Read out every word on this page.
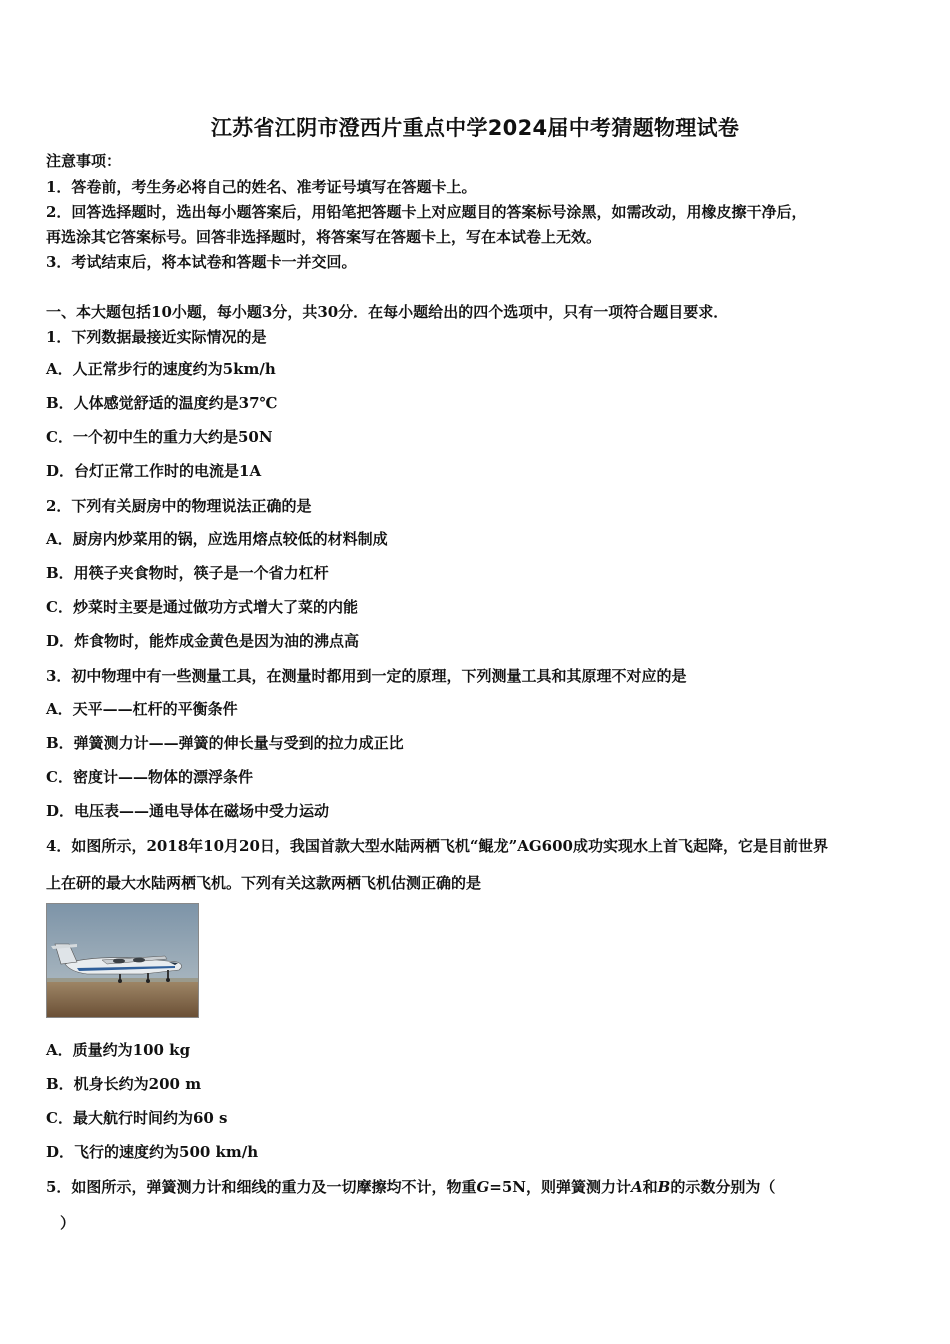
江苏省江阴市澄西片重点中学2024届中考猜题物理试卷
注意事项：
1．答卷前，考生务必将自己的姓名、准考证号填写在答题卡上。
2．回答选择题时，选出每小题答案后，用铅笔把答题卡上对应题目的答案标号涂黑，如需改动，用橡皮擦干净后，
再选涂其它答案标号。回答非选择题时，将答案写在答题卡上，写在本试卷上无效。
3．考试结束后，将本试卷和答题卡一并交回。
一、本大题包括10小题，每小题3分，共30分．在每小题给出的四个选项中，只有一项符合题目要求．
1．下列数据最接近实际情况的是
A．人正常步行的速度约为5km/h
B．人体感觉舒适的温度约是37℃
C．一个初中生的重力大约是50N
D．台灯正常工作时的电流是1A
2．下列有关厨房中的物理说法正确的是
A．厨房内炒菜用的锅，应选用熔点较低的材料制成
B．用筷子夹食物时，筷子是一个省力杠杆
C．炒菜时主要是通过做功方式增大了菜的内能
D．炸食物时，能炸成金黄色是因为油的沸点高
3．初中物理中有一些测量工具，在测量时都用到一定的原理，下列测量工具和其原理不对应的是
A．天平——杠杆的平衡条件
B．弹簧测力计——弹簧的伸长量与受到的拉力成正比
C．密度计——物体的漂浮条件
D．电压表——通电导体在磁场中受力运动
4．如图所示，2018年10月20日，我国首款大型水陆两栖飞机“鲲龙”AG600成功实现水上首飞起降，它是目前世界
上在研的最大水陆两栖飞机。下列有关这款两栖飞机估测正确的是
A．质量约为100 kg
B．机身长约为200 m
C．最大航行时间约为60 s
D．飞行的速度约为500 km/h
5．如图所示，弹簧测力计和细线的重力及一切摩擦均不计，物重G=5N，则弹簧测力计A和B的示数分别为（
）
